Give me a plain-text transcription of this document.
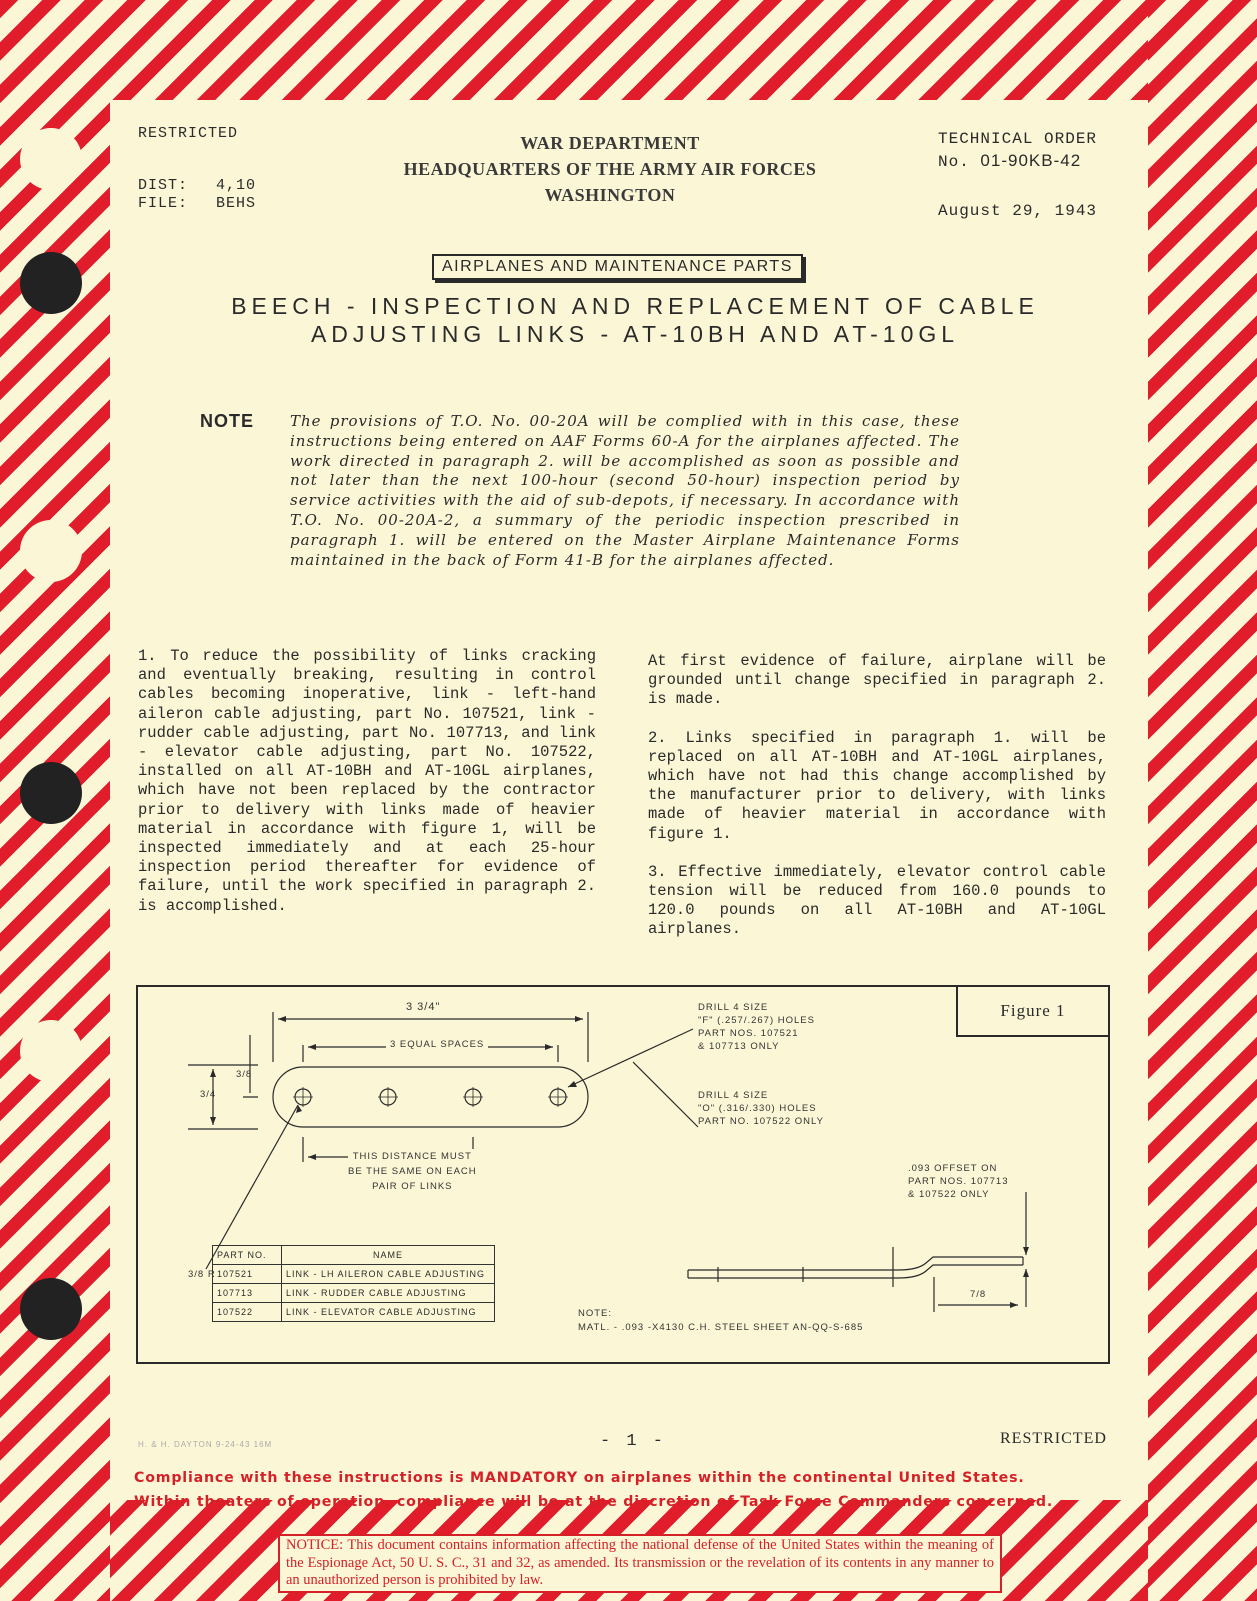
RESTRICTED
DIST: 4,10
FILE: BEHS
WAR DEPARTMENT
HEADQUARTERS OF THE ARMY AIR FORCES
WASHINGTON
TECHNICAL ORDER
No. 01-90KB-42
August 29, 1943
AIRPLANES AND MAINTENANCE PARTS
BEECH - INSPECTION AND REPLACEMENT OF CABLE
ADJUSTING LINKS - AT-10BH AND AT-10GL
NOTE The provisions of T.O. No. 00-20A will be complied with in this case, these instructions being entered on AAF Forms 60-A for the airplanes affected. The work directed in paragraph 2. will be accomplished as soon as possible and not later than the next 100-hour (second 50-hour) inspection period by service activities with the aid of sub-depots, if necessary. In accordance with T.O. No. 00-20A-2, a summary of the periodic inspection prescribed in paragraph 1. will be entered on the Master Airplane Maintenance Forms maintained in the back of Form 41-B for the airplanes affected.
1. To reduce the possibility of links cracking and eventually breaking, resulting in control cables becoming inoperative, link - left-hand aileron cable adjusting, part No. 107521, link - rudder cable adjusting, part No. 107713, and link - elevator cable adjusting, part No. 107522, installed on all AT-10BH and AT-10GL airplanes, which have not been replaced by the contractor prior to delivery with links made of heavier material in accordance with figure 1, will be inspected immediately and at each 25-hour inspection period thereafter for evidence of failure, until the work specified in paragraph 2. is accomplished.

At first evidence of failure, airplane will be grounded until change specified in paragraph 2. is made.

2. Links specified in paragraph 1. will be replaced on all AT-10BH and AT-10GL airplanes, which have not had this change accomplished by the manufacturer prior to delivery, with links made of heavier material in accordance with figure 1.

3. Effective immediately, elevator control cable tension will be reduced from 160.0 pounds to 120.0 pounds on all AT-10BH and AT-10GL airplanes.

Figure 1
3 3/4"
3 EQUAL SPACES
3/4
3/8
3/8 R
THIS DISTANCE MUST
BE THE SAME ON EACH
PAIR OF LINKS
DRILL 4 SIZE
"F" (.257/.267) HOLES
PART NOS. 107521
& 107713 ONLY
DRILL 4 SIZE
"O" (.316/.330) HOLES
PART NO. 107522 ONLY
.093 OFFSET ON
PART NOS. 107713
& 107522 ONLY
7/8
NOTE:
MATL. - .093 -X4130 C.H. STEEL SHEET AN-QQ-S-685
PART NO.	NAME
107521	LINK - LH AILERON CABLE ADJUSTING
107713	LINK - RUDDER CABLE ADJUSTING
107522	LINK - ELEVATOR CABLE ADJUSTING
H. & H. DAYTON 9-24-43 16M	- 1 -	RESTRICTED
Compliance with these instructions is MANDATORY on airplanes within the continental United States.
Within theaters of operation, compliance will be at the discretion of Task Force Commanders concerned.
NOTICE: This document contains information affecting the national defense of the United States within the meaning of the Espionage Act, 50 U. S. C., 31 and 32, as amended. Its transmission or the revelation of its contents in any manner to an unauthorized person is prohibited by law.
